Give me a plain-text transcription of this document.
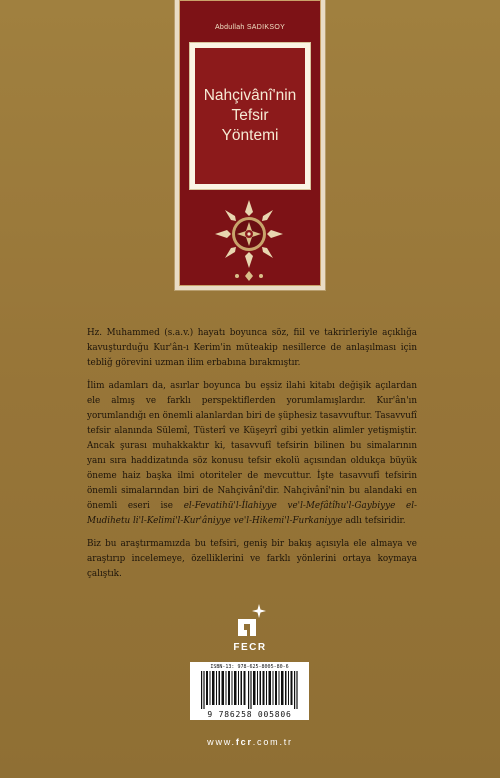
Abdullah SADIKSOY
Nahçivânî'nin
Tefsir
Yöntemi

Hz. Muhammed (s.a.v.) hayatı boyunca söz, fiil ve takrirleriyle açıklığa kavuşturduğu Kur'ân-ı Kerim'in müteakip nesillerce de anlaşılması için tebliğ görevini uzman ilim erbabına bırakmıştır.

İlim adamları da, asırlar boyunca bu eşsiz ilahi kitabı değişik açılardan ele almış ve farklı perspektiflerden yorumlamışlardır. Kur'ân'ın yorumlandığı en önemli alanlardan biri de şüphesiz tasavvuftur. Tasavvufî tefsir alanında Sülemî, Tüsterî ve Küşeyrî gibi yetkin alimler yetişmiştir. Ancak şurası muhakkaktır ki, tasavvufî tefsirin bilinen bu simalarının yanı sıra haddizatında söz konusu tefsir ekolü açısından oldukça büyük öneme haiz başka ilmi otoriteler de mevcuttur. İşte tasavvufî tefsirin önemli simalarından biri de Nahçivânî'dir. Nahçivânî'nin bu alandaki en önemli eseri ise el-Fevatihü'l-İlahiyye ve'l-Mefâtîhu'l-Gaybiyye el-Mudihetu li'l-Kelimi'l-Kur'âniyye ve'l-Hikemi'l-Furkaniyye adlı tefsiridir.

Biz bu araştırmamızda bu tefsiri, geniş bir bakış açısıyla ele almaya ve araştırıp incelemeye, özelliklerini ve farklı yönlerini ortaya koymaya çalıştık.

FECR
ISBN-13: 978-625-8005-80-6
9 786258 005806
www.fcr.com.tr
